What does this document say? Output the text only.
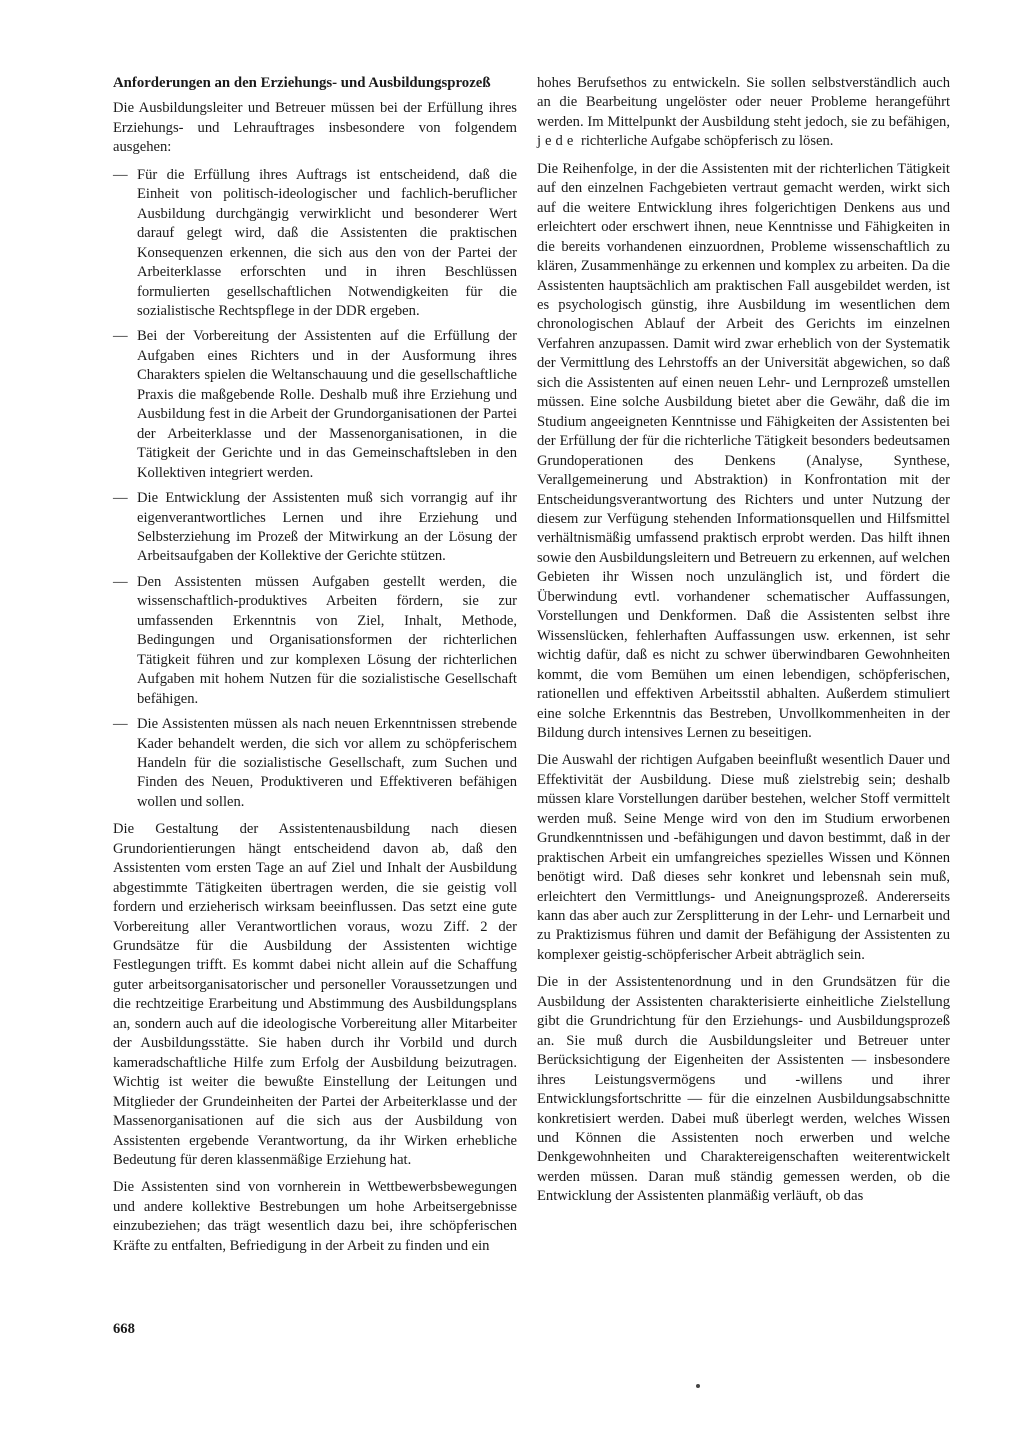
Anforderungen an den Erziehungs- und Ausbildungsprozeß

Die Ausbildungsleiter und Betreuer müssen bei der Erfüllung ihres Erziehungs- und Lehrauftrages insbesondere von folgendem ausgehen:

— Für die Erfüllung ihres Auftrags ist entscheidend, daß die Einheit von politisch-ideologischer und fachlich-beruflicher Ausbildung durchgängig verwirklicht und besonderer Wert darauf gelegt wird, daß die Assistenten die praktischen Konsequenzen erkennen, die sich aus den von der Partei der Arbeiterklasse erforschten und in ihren Beschlüssen formulierten gesellschaftlichen Notwendigkeiten für die sozialistische Rechtspflege in der DDR ergeben.
— Bei der Vorbereitung der Assistenten auf die Erfüllung der Aufgaben eines Richters und in der Ausformung ihres Charakters spielen die Weltanschauung und die gesellschaftliche Praxis die maßgebende Rolle. Deshalb muß ihre Erziehung und Ausbildung fest in die Arbeit der Grundorganisationen der Partei der Arbeiterklasse und der Massenorganisationen, in die Tätigkeit der Gerichte und in das Gemeinschaftsleben in den Kollektiven integriert werden.
— Die Entwicklung der Assistenten muß sich vorrangig auf ihr eigenverantwortliches Lernen und ihre Erziehung und Selbsterziehung im Prozeß der Mitwirkung an der Lösung der Arbeitsaufgaben der Kollektive der Gerichte stützen.
— Den Assistenten müssen Aufgaben gestellt werden, die wissenschaftlich-produktives Arbeiten fördern, sie zur umfassenden Erkenntnis von Ziel, Inhalt, Methode, Bedingungen und Organisationsformen der richterlichen Tätigkeit führen und zur komplexen Lösung der richterlichen Aufgaben mit hohem Nutzen für die sozialistische Gesellschaft befähigen.
— Die Assistenten müssen als nach neuen Erkenntnissen strebende Kader behandelt werden, die sich vor allem zu schöpferischem Handeln für die sozialistische Gesellschaft, zum Suchen und Finden des Neuen, Produktiveren und Effektiveren befähigen wollen und sollen.

Die Gestaltung der Assistentenausbildung nach diesen Grundorientierungen hängt entscheidend davon ab, daß den Assistenten vom ersten Tage an auf Ziel und Inhalt der Ausbildung abgestimmte Tätigkeiten übertragen werden, die sie geistig voll fordern und erzieherisch wirksam beeinflussen. Das setzt eine gute Vorbereitung aller Verantwortlichen voraus, wozu Ziff. 2 der Grundsätze für die Ausbildung der Assistenten wichtige Festlegungen trifft. Es kommt dabei nicht allein auf die Schaffung guter arbeitsorganisatorischer und personeller Voraussetzungen und die rechtzeitige Erarbeitung und Abstimmung des Ausbildungsplans an, sondern auch auf die ideologische Vorbereitung aller Mitarbeiter der Ausbildungsstätte. Sie haben durch ihr Vorbild und durch kameradschaftliche Hilfe zum Erfolg der Ausbildung beizutragen. Wichtig ist weiter die bewußte Einstellung der Leitungen und Mitglieder der Grundeinheiten der Partei der Arbeiterklasse und der Massenorganisationen auf die sich aus der Ausbildung von Assistenten ergebende Verantwortung, da ihr Wirken erhebliche Bedeutung für deren klassenmäßige Erziehung hat.

Die Assistenten sind von vornherein in Wettbewerbsbewegungen und andere kollektive Bestrebungen um hohe Arbeitsergebnisse einzubeziehen; das trägt wesentlich dazu bei, ihre schöpferischen Kräfte zu entfalten, Befriedigung in der Arbeit zu finden und ein

hohes Berufsethos zu entwickeln. Sie sollen selbstverständlich auch an die Bearbeitung ungelöster oder neuer Probleme herangeführt werden. Im Mittelpunkt der Ausbildung steht jedoch, sie zu befähigen, jede richterliche Aufgabe schöpferisch zu lösen.

Die Reihenfolge, in der die Assistenten mit der richterlichen Tätigkeit auf den einzelnen Fachgebieten vertraut gemacht werden, wirkt sich auf die weitere Entwicklung ihres folgerichtigen Denkens aus und erleichtert oder erschwert ihnen, neue Kenntnisse und Fähigkeiten in die bereits vorhandenen einzuordnen, Probleme wissenschaftlich zu klären, Zusammenhänge zu erkennen und komplex zu arbeiten. Da die Assistenten hauptsächlich am praktischen Fall ausgebildet werden, ist es psychologisch günstig, ihre Ausbildung im wesentlichen dem chronologischen Ablauf der Arbeit des Gerichts im einzelnen Verfahren anzupassen. Damit wird zwar erheblich von der Systematik der Vermittlung des Lehrstoffs an der Universität abgewichen, so daß sich die Assistenten auf einen neuen Lehr- und Lernprozeß umstellen müssen. Eine solche Ausbildung bietet aber die Gewähr, daß die im Studium angeeigneten Kenntnisse und Fähigkeiten der Assistenten bei der Erfüllung der für die richterliche Tätigkeit besonders bedeutsamen Grundoperationen des Denkens (Analyse, Synthese, Verallgemeinerung und Abstraktion) in Konfrontation mit der Entscheidungsverantwortung des Richters und unter Nutzung der diesem zur Verfügung stehenden Informationsquellen und Hilfsmittel verhältnismäßig umfassend praktisch erprobt werden. Das hilft ihnen sowie den Ausbildungsleitern und Betreuern zu erkennen, auf welchen Gebieten ihr Wissen noch unzulänglich ist, und fördert die Überwindung evtl. vorhandener schematischer Auffassungen, Vorstellungen und Denkformen. Daß die Assistenten selbst ihre Wissenslücken, fehlerhaften Auffassungen usw. erkennen, ist sehr wichtig dafür, daß es nicht zu schwer überwindbaren Gewohnheiten kommt, die vom Bemühen um einen lebendigen, schöpferischen, rationellen und effektiven Arbeitsstil abhalten. Außerdem stimuliert eine solche Erkenntnis das Bestreben, Unvollkommenheiten in der Bildung durch intensives Lernen zu beseitigen.

Die Auswahl der richtigen Aufgaben beeinflußt wesentlich Dauer und Effektivität der Ausbildung. Diese muß zielstrebig sein; deshalb müssen klare Vorstellungen darüber bestehen, welcher Stoff vermittelt werden muß. Seine Menge wird von den im Studium erworbenen Grundkenntnissen und -befähigungen und davon bestimmt, daß in der praktischen Arbeit ein umfangreiches spezielles Wissen und Können benötigt wird. Daß dieses sehr konkret und lebensnah sein muß, erleichtert den Vermittlungs- und Aneignungsprozeß. Andererseits kann das aber auch zur Zersplitterung in der Lehr- und Lernarbeit und zu Praktizismus führen und damit der Befähigung der Assistenten zu komplexer geistig-schöpferischer Arbeit abträglich sein.

Die in der Assistentenordnung und in den Grundsätzen für die Ausbildung der Assistenten charakterisierte einheitliche Zielstellung gibt die Grundrichtung für den Erziehungs- und Ausbildungsprozeß an. Sie muß durch die Ausbildungsleiter und Betreuer unter Berücksichtigung der Eigenheiten der Assistenten — insbesondere ihres Leistungsvermögens und -willens und ihrer Entwicklungsfortschritte — für die einzelnen Ausbildungsabschnitte konkretisiert werden. Dabei muß überlegt werden, welches Wissen und Können die Assistenten noch erwerben und welche Denkgewohnheiten und Charaktereigenschaften weiterentwickelt werden müssen. Daran muß ständig gemessen werden, ob die Entwicklung der Assistenten planmäßig verläuft, ob das

668
